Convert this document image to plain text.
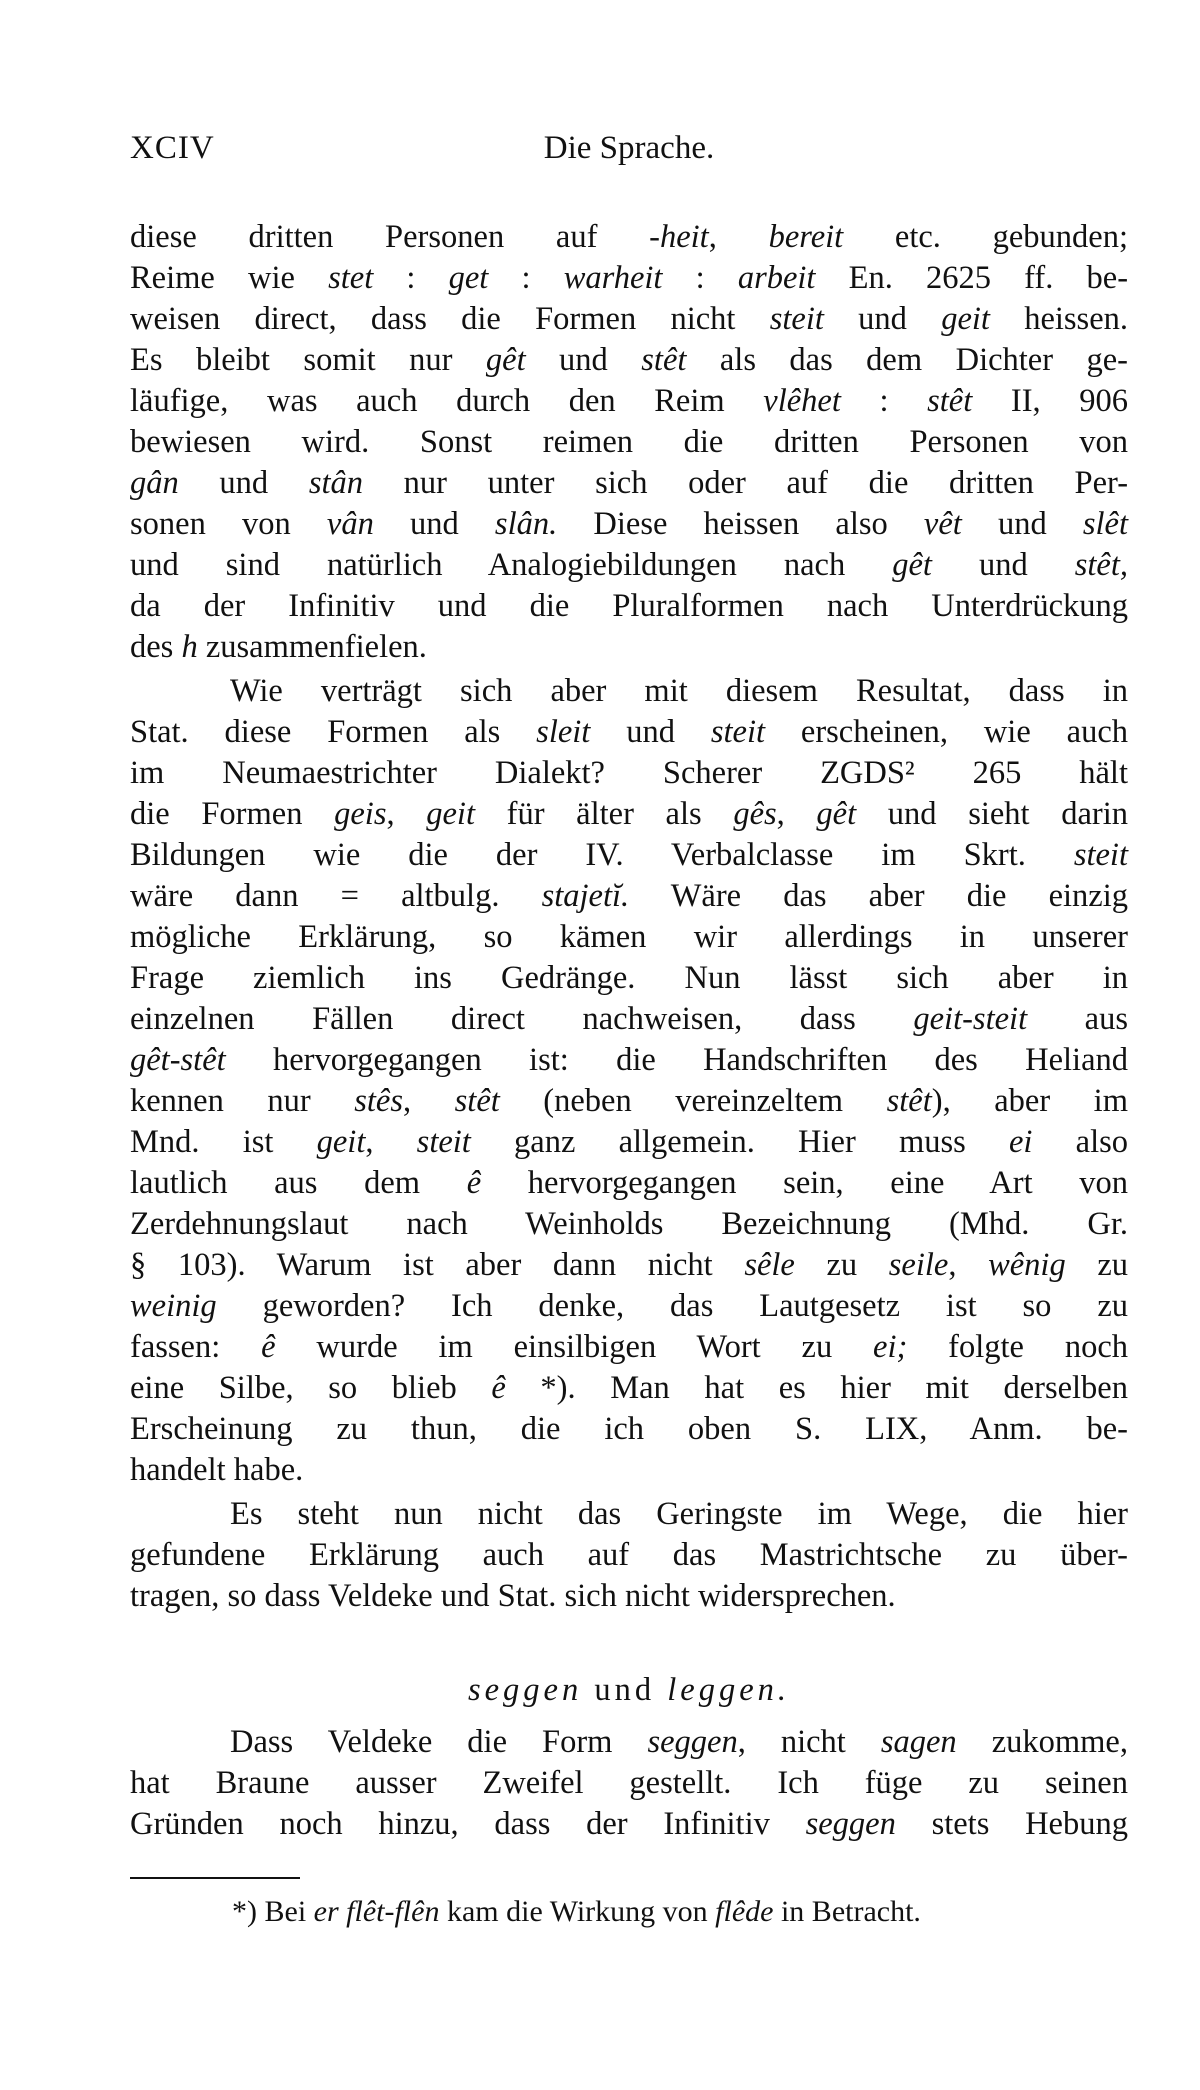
XCIV	Die Sprache.
diese dritten Personen auf -heit, bereit etc. gebunden;
Reime wie stet : get : warheit : arbeit En. 2625 ff. be-
weisen direct, dass die Formen nicht steit und geit heissen.
Es bleibt somit nur gêt und stêt als das dem Dichter ge-
läufige, was auch durch den Reim vlêhet : stêt II, 906
bewiesen wird. Sonst reimen die dritten Personen von
gân und stân nur unter sich oder auf die dritten Per-
sonen von vân und slân. Diese heissen also vêt und slêt
und sind natürlich Analogiebildungen nach gêt und stêt,
da der Infinitiv und die Pluralformen nach Unterdrückung
des h zusammenfielen.
Wie verträgt sich aber mit diesem Resultat, dass in
Stat. diese Formen als sleit und steit erscheinen, wie auch
im Neumaestrichter Dialekt? Scherer ZGDS² 265 hält
die Formen geis, geit für älter als gês, gêt und sieht darin
Bildungen wie die der IV. Verbalclasse im Skrt. steit
wäre dann = altbulg. stajetĭ. Wäre das aber die einzig
mögliche Erklärung, so kämen wir allerdings in unserer
Frage ziemlich ins Gedränge. Nun lässt sich aber in
einzelnen Fällen direct nachweisen, dass geit-steit aus
gêt-stêt hervorgegangen ist: die Handschriften des Heliand
kennen nur stês, stêt (neben vereinzeltem stêt), aber im
Mnd. ist geit, steit ganz allgemein. Hier muss ei also
lautlich aus dem ê hervorgegangen sein, eine Art von
Zerdehnungslaut nach Weinholds Bezeichnung (Mhd. Gr.
§ 103). Warum ist aber dann nicht sêle zu seile, wênig zu
weinig geworden? Ich denke, das Lautgesetz ist so zu
fassen: ê wurde im einsilbigen Wort zu ei; folgte noch
eine Silbe, so blieb ê *). Man hat es hier mit derselben
Erscheinung zu thun, die ich oben S. LIX, Anm. be-
handelt habe.
Es steht nun nicht das Geringste im Wege, die hier
gefundene Erklärung auch auf das Mastrichtsche zu über-
tragen, so dass Veldeke und Stat. sich nicht widersprechen.
Dass Veldeke die Form seggen, nicht sagen zukomme,
hat Braune ausser Zweifel gestellt. Ich füge zu seinen
Gründen noch hinzu, dass der Infinitiv seggen stets Hebung
seggen und leggen.
*) Bei er flêt-flên kam die Wirkung von flêde in Betracht.
